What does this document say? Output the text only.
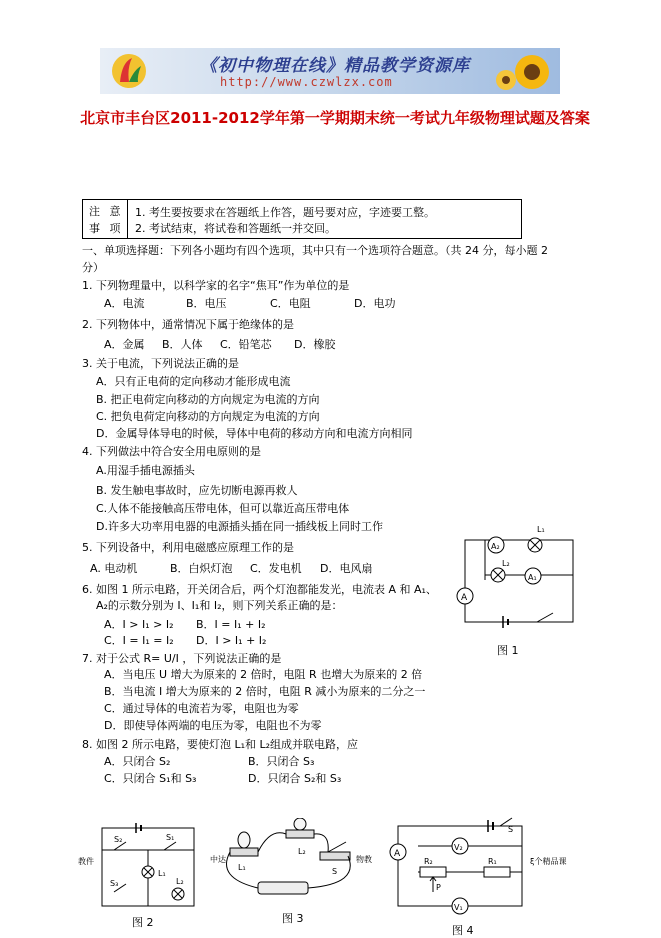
《初中物理在线》精品教学资源库
http://www.czwlzx.com
北京市丰台区2011-2012学年第一学期期末统一考试九年级物理试题及答案
注 意
事 项
1. 考生要按要求在答题纸上作答，题号要对应，字迹要工整。
2. 考试结束，将试卷和答题纸一并交回。
一、单项选择题：下列各小题均有四个选项，其中只有一个选项符合题意。（共 24 分，每小题 2
分）
1. 下列物理量中，以科学家的名字“焦耳”作为单位的是
A．电流	B．电压	C．电阻	D．电功
2. 下列物体中，通常情况下属于绝缘体的是
A．金属 B．人体 C．铅笔芯 D．橡胶
3. 关于电流，下列说法正确的是
A．只有正电荷的定向移动才能形成电流
B. 把正电荷定向移动的方向规定为电流的方向
C. 把负电荷定向移动的方向规定为电流的方向
D．金属导体导电的时候，导体中电荷的移动方向和电流方向相同
4. 下列做法中符合安全用电原则的是
A.用湿手插电源插头
B. 发生触电事故时，应先切断电源再救人
C.人体不能接触高压带电体，但可以靠近高压带电体
D.许多大功率用电器的电源插头插在同一插线板上同时工作
5. 下列设备中，利用电磁感应原理工作的是
A. 电动机	B．白炽灯泡 C．发电机 D．电风扇
6. 如图 1 所示电路，开关闭合后，两个灯泡都能发光，电流表 A 和 A₁、
A₂的示数分别为 I、I₁和 I₂，则下列关系正确的是：
A．I > I₁ > I₂ B．I = I₁ + I₂
C．I = I₁ = I₂ D．I > I₁ + I₂
7. 对于公式 R= U/I ，下列说法正确的是
A．当电压 U 增大为原来的 2 倍时，电阻 R 也增大为原来的 2 倍
B．当电流 I 增大为原来的 2 倍时，电阻 R 减小为原来的二分之一
C．通过导体的电流若为零，电阻也为零
D．即使导体两端的电压为零，电阻也不为零
8. 如图 2 所示电路，要使灯泡 L₁和 L₂组成并联电路，应
A．只闭合 S₂	B．只闭合 S₃
C．只闭合 S₁和 S₃	D．只闭合 S₂和 S₃
A₂
L₁
L₂
A₁
A
图 1
S₂	S₁
L₁
S₃	L₂
教件
图 2
中达	物教
L₁
L₂
S
图 3
S
A
V₂
R₂
P
R₁
V₁
ξ个精品课
图 4
